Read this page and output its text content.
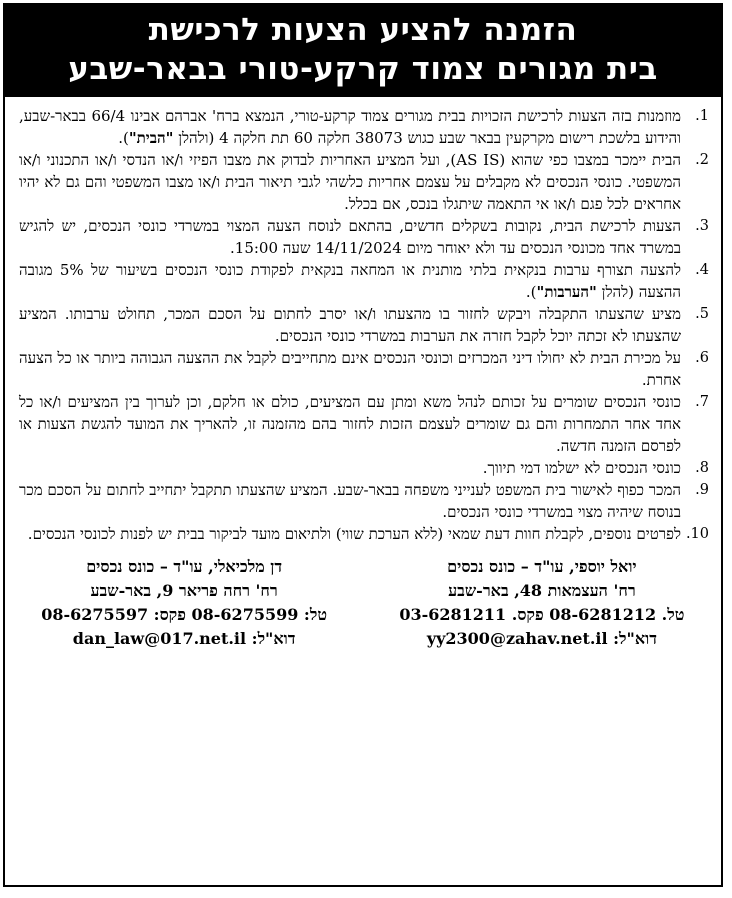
הזמנה להציע הצעות לרכישת
בית מגורים צמוד קרקע-טורי בבאר-שבע
1.
מוזמנות בזה הצעות לרכישת הזכויות בבית מגורים צמוד קרקע-טורי, הנמצא ברח' אברהם אבינו 66/4 בבאר-שבע, והידוע בלשכת רישום מקרקעין בבאר שבע כגוש 38073 חלקה 60 תת חלקה 4 (ולהלן "הבית").
2.
הבית יימכר במצבו כפי שהוא (AS IS), ועל המציע האחריות לבדוק את מצבו הפיזי ו/או הנדסי ו/או התכנוני ו/או המשפטי. כונסי הנכסים לא מקבלים על עצמם אחריות כלשהי לגבי תיאור הבית ו/או מצבו המשפטי והם גם לא יהיו אחראים לכל פגם ו/או אי התאמה שיתגלו בנכס, אם בכלל.
3.
הצעות לרכישת הבית, נקובות בשקלים חדשים, בהתאם לנוסח הצעה המצוי במשרדי כונסי הנכסים, יש להגיש במשרד אחד מכונסי הנכסים עד ולא יאוחר מיום 14/11/2024 שעה 15:00.
4.
להצעה תצורף ערבות בנקאית בלתי מותנית או המחאה בנקאית לפקודת כונסי הנכסים בשיעור של 5% מגובה ההצעה (להלן "הערבות").
5.
מציע שהצעתו התקבלה ויבקש לחזור בו מהצעתו ו/או יסרב לחתום על הסכם המכר, תחולט ערבותו. המציע שהצעתו לא זכתה יוכל לקבל חזרה את הערבות במשרדי כונסי הנכסים.
6.
על מכירת הבית לא יחולו דיני המכרזים וכונסי הנכסים אינם מתחייבים לקבל את ההצעה הגבוהה ביותר או כל הצעה אחרת.
7.
כונסי הנכסים שומרים על זכותם לנהל משא ומתן עם המציעים, כולם או חלקם, וכן לערוך בין המציעים ו/או כל אחד אחר התמחרות והם גם שומרים לעצמם הזכות לחזור בהם מהזמנה זו, להאריך את המועד להגשת הצעות או לפרסם הזמנה חדשה.
8.
כונסי הנכסים לא ישלמו דמי תיווך.
9.
המכר כפוף לאישור בית המשפט לענייני משפחה בבאר-שבע. המציע שהצעתו תתקבל יתחייב לחתום על הסכם מכר בנוסח שיהיה מצוי במשרדי כונסי הנכסים.
10.
לפרטים נוספים, לקבלת חוות דעת שמאי (ללא הערכת שווי) ולתיאום מועד לביקור בבית יש לפנות לכונסי הנכסים.
יואל יוספי, עו"ד – כונס נכסים
רח' העצמאות 48, באר-שבע
טל. 08-6281212 פקס. 03-6281211
דוא"ל: yy2300@zahav.net.il
דן מלכיאלי, עו"ד – כונס נכסים
רח' רחה פריאר 9, באר-שבע
טל: 08-6275599 פקס: 08-6275597
דוא"ל: dan_law@017.net.il
